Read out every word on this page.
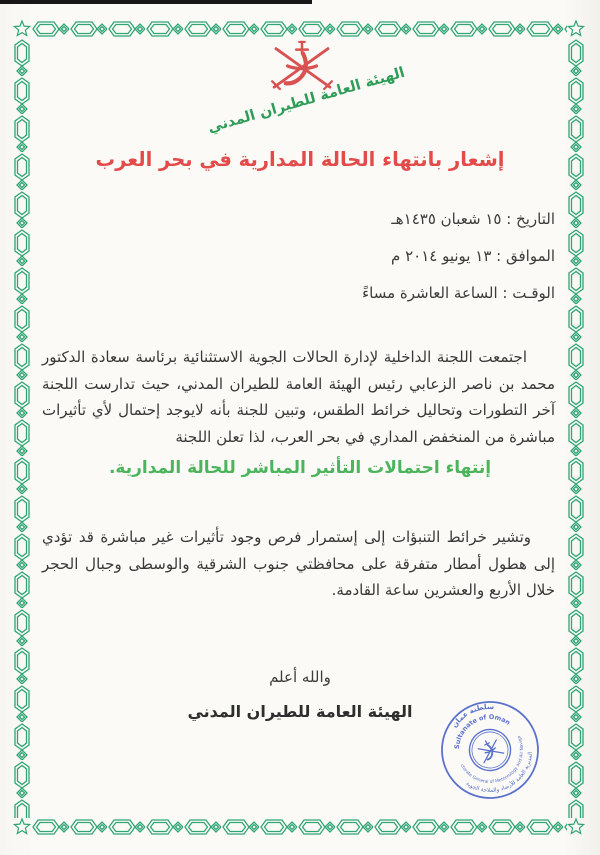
الهيئة العامة للطيران المدني
إشعار بانتهاء الحالة المدارية في بحر العرب
التاريخ : ١٥ شعبان ١٤٣٥هـ
الموافق : ١٣ يونيو ٢٠١٤ م
الوقـت : الساعة العاشرة مساءً
اجتمعت اللجنة الداخلية لإدارة الحالات الجوية الاستثنائية برئاسة سعادة الدكتور محمد بن ناصر الزعابي رئيس الهيئة العامة للطيران المدني، حيث تدارست اللجنة آخر التطورات وتحاليل خرائط الطقس، وتبين للجنة بأنه لايوجد إحتمال لأي تأثيرات مباشرة من المنخفض المداري في بحر العرب، لذا تعلن اللجنة
إنتهاء احتمالات التأثير المباشر للحالة المدارية.
وتشير خرائط التنبؤات إلى إستمرار فرص وجود تأثيرات غير مباشرة قد تؤدي إلى هطول أمطار متفرقة على محافظتي جنوب الشرقية والوسطى وجبال الحجر خلال الأربع والعشرين ساعة القادمة.
والله أعلم
الهيئة العامة للطيران المدني
سلطنة عمان
Sultanate of Oman
المديرية العامة للأرصاد والملاحة الجوية
Directorate General of Meteorology and Air Navigation
